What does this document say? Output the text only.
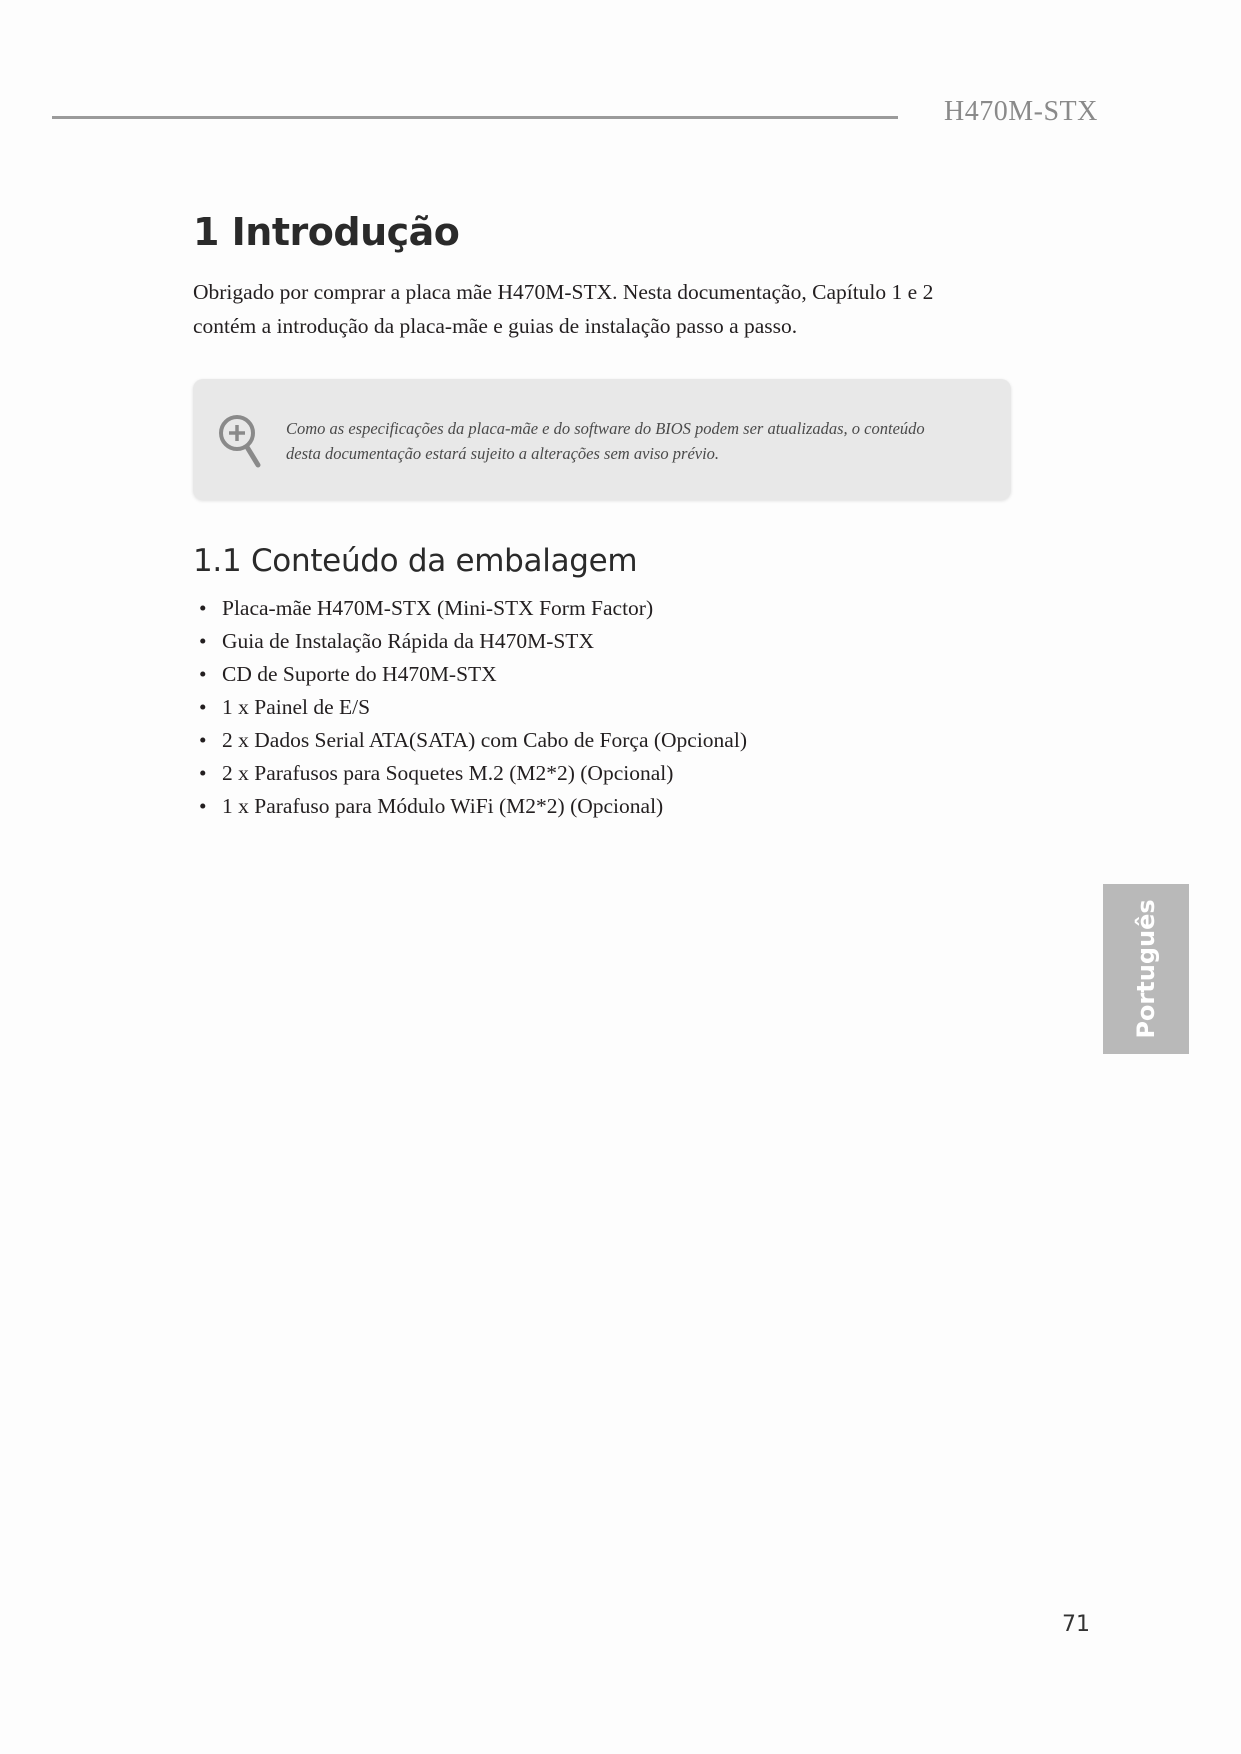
H470M-STX
1 Introdução

Obrigado por comprar a placa mãe H470M-STX. Nesta documentação, Capítulo 1 e 2
contém a introdução da placa-mãe e guias de instalação passo a passo.

Como as especificações da placa-mãe e do software do BIOS podem ser atualizadas, o conteúdo
desta documentação estará sujeito a alterações sem aviso prévio.

1.1 Conteúdo da embalagem
• Placa-mãe H470M-STX (Mini-STX Form Factor)
• Guia de Instalação Rápida da H470M-STX
• CD de Suporte do H470M-STX
• 1 x Painel de E/S
• 2 x Dados Serial ATA(SATA) com Cabo de Força (Opcional)
• 2 x Parafusos para Soquetes M.2 (M2*2) (Opcional)
• 1 x Parafuso para Módulo WiFi (M2*2) (Opcional)
Português
71
